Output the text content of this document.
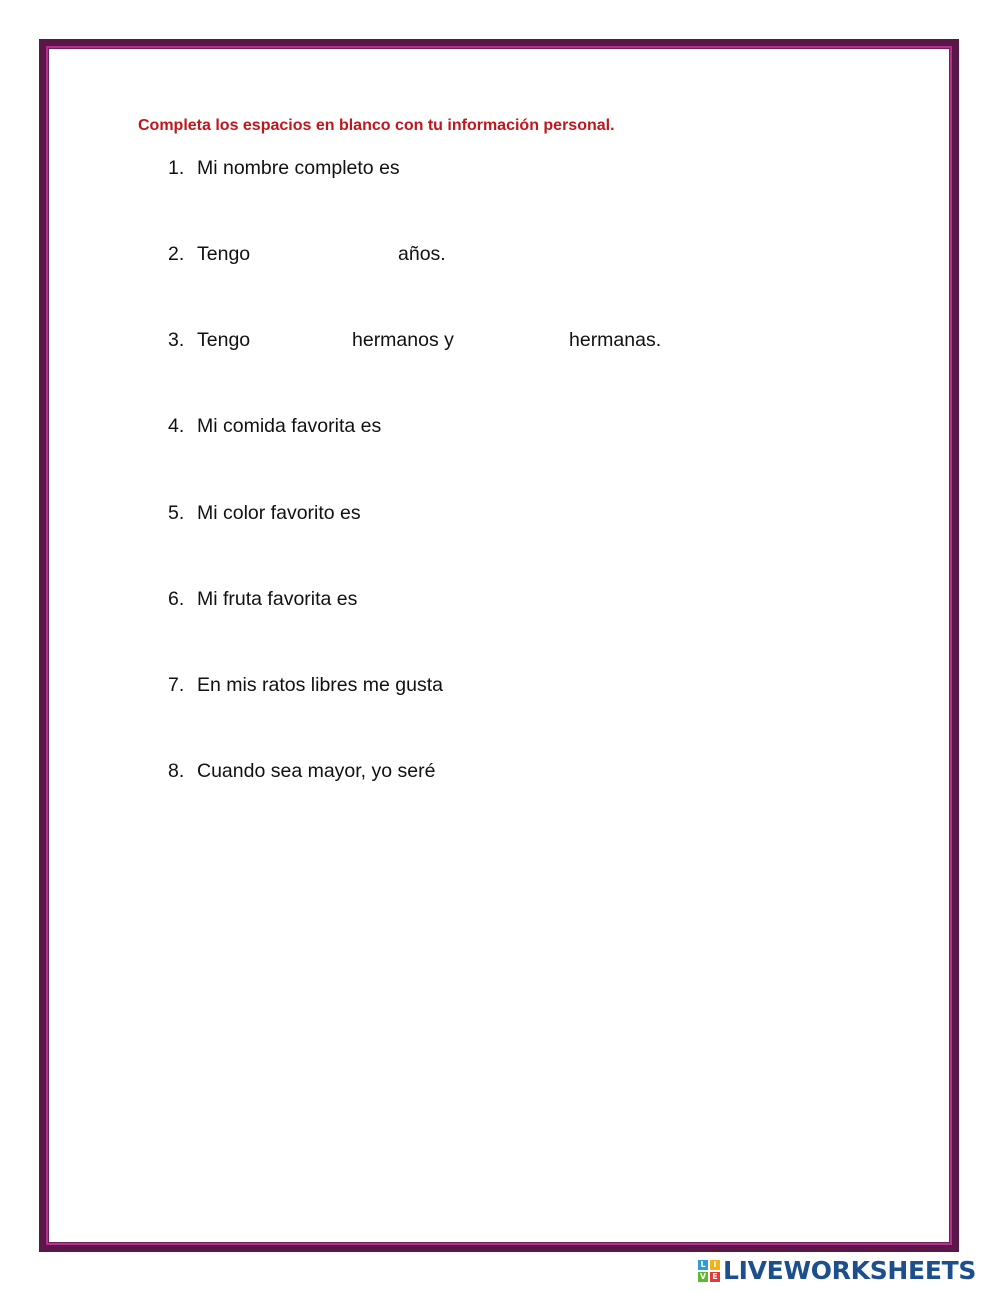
Completa los espacios en blanco con tu información personal.

1. Mi nombre completo es
2. Tengo	años.
3. Tengo	hermanos y	hermanas.
4. Mi comida favorita es
5. Mi color favorito es
6. Mi fruta favorita es
7. En mis ratos libres me gusta
8. Cuando sea mayor, yo seré
L I
V E LIVEWORKSHEETS
